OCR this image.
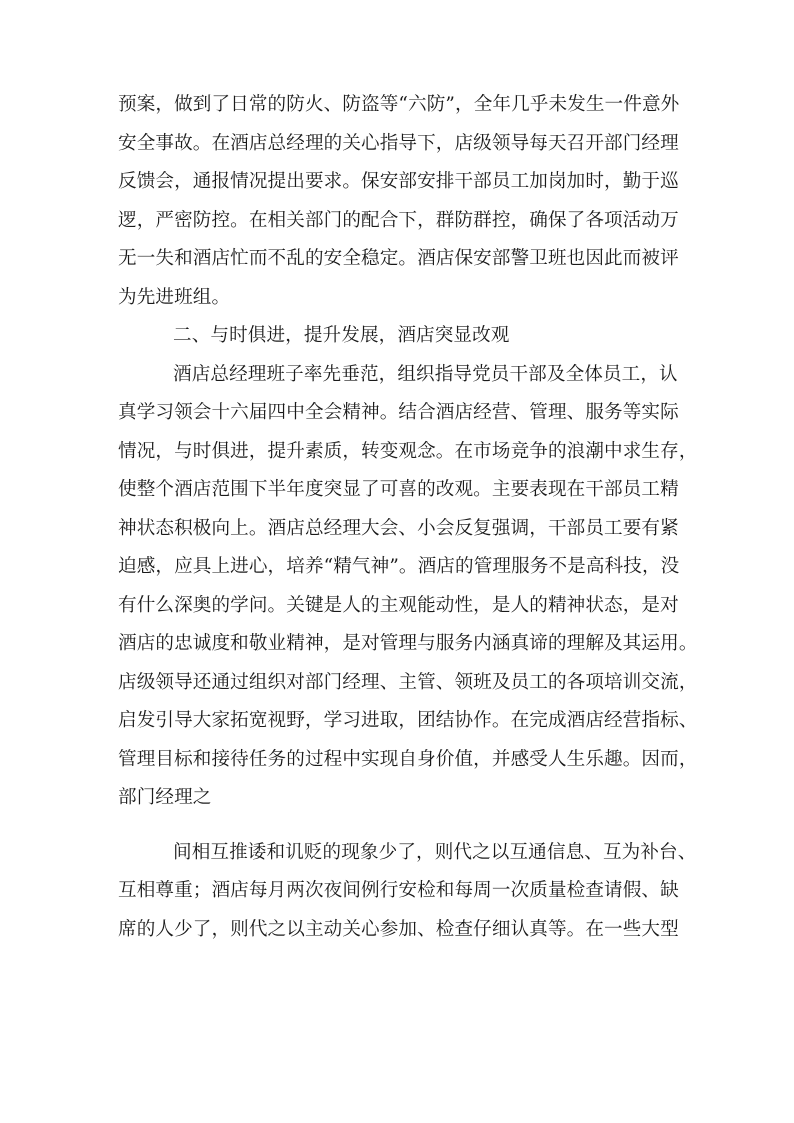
预案，做到了日常的防火、防盗等“六防”，全年几乎未发生一件意外
安全事故。在酒店总经理的关心指导下，店级领导每天召开部门经理
反馈会，通报情况提出要求。保安部安排干部员工加岗加时，勤于巡
逻，严密防控。在相关部门的配合下，群防群控，确保了各项活动万
无一失和酒店忙而不乱的安全稳定。酒店保安部警卫班也因此而被评
为先进班组。
二、与时俱进，提升发展，酒店突显改观
酒店总经理班子率先垂范，组织指导党员干部及全体员工，认
真学习领会十六届四中全会精神。结合酒店经营、管理、服务等实际
情况，与时俱进，提升素质，转变观念。在市场竞争的浪潮中求生存，
使整个酒店范围下半年度突显了可喜的改观。主要表现在干部员工精
神状态积极向上。酒店总经理大会、小会反复强调，干部员工要有紧
迫感，应具上进心，培养“精气神”。酒店的管理服务不是高科技，没
有什么深奥的学问。关键是人的主观能动性，是人的精神状态，是对
酒店的忠诚度和敬业精神，是对管理与服务内涵真谛的理解及其运用。
店级领导还通过组织对部门经理、主管、领班及员工的各项培训交流，
启发引导大家拓宽视野，学习进取，团结协作。在完成酒店经营指标、
管理目标和接待任务的过程中实现自身价值，并感受人生乐趣。因而，
部门经理之
间相互推诿和讥贬的现象少了，则代之以互通信息、互为补台、
互相尊重；酒店每月两次夜间例行安检和每周一次质量检查请假、缺
席的人少了，则代之以主动关心参加、检查仔细认真等。在一些大型
